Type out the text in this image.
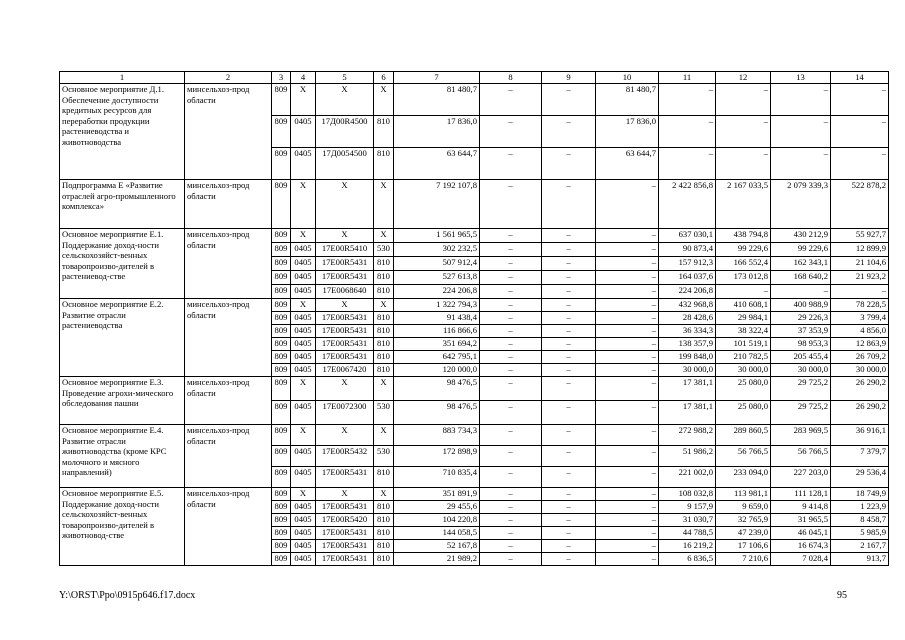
1	2	3	4	5	6	7	8	9	10	11	12	13	14
Основное мероприятие Д.1. Обеспечение доступности кредитных ресурсов для переработки продукции растениеводства и животноводства	минсельхоз-прод области	809	Х	Х	Х	81 480,7	–	–	81 480,7	–	–	–	–
		809	0405	17Д00R4500	810	17 836,0	–	–	17 836,0	–	–	–	–
		809	0405	17Д0054500	810	63 644,7	–	–	63 644,7	–	–	–	–
Подпрограмма Е «Развитие отраслей агро-промышленного комплекса»	минсельхоз-прод области	809	Х	Х	Х	7 192 107,8	–	–	–	2 422 856,8	2 167 033,5	2 079 339,3	522 878,2
Основное мероприятие Е.1. Поддержание доход-ности сельскохозяйст-венных товаропроизво-дителей в растениевод-стве	минсельхоз-прод области	809	Х	Х	Х	1 561 965,5	–	–	–	637 030,1	438 794,8	430 212,9	55 927,7
		809	0405	17Е00R5410	530	302 232,5	–	–	–	90 873,4	99 229,6	99 229,6	12 899,9
		809	0405	17Е00R5431	810	507 912,4	–	–	–	157 912,3	166 552,4	162 343,1	21 104,6
		809	0405	17Е00R5431	810	527 613,8	–	–	–	164 037,6	173 012,8	168 640,2	21 923,2
		809	0405	17Е0068640	810	224 206,8	–	–	–	224 206,8	–	–	–
Основное мероприятие Е.2. Развитие отрасли растениеводства	минсельхоз-прод области	809	Х	Х	Х	1 322 794,3	–	–	–	432 968,8	410 608,1	400 988,9	78 228,5
		809	0405	17Е00R5431	810	91 438,4	–	–	–	28 428,6	29 984,1	29 226,3	3 799,4
		809	0405	17Е00R5431	810	116 866,6	–	–	–	36 334,3	38 322,4	37 353,9	4 856,0
		809	0405	17Е00R5431	810	351 694,2	–	–	–	138 357,9	101 519,1	98 953,3	12 863,9
		809	0405	17Е00R5431	810	642 795,1	–	–	–	199 848,0	210 782,5	205 455,4	26 709,2
		809	0405	17Е0067420	810	120 000,0	–	–	–	30 000,0	30 000,0	30 000,0	30 000,0
Основное мероприятие Е.3. Проведение агрохи-мического обследования пашни	минсельхоз-прод области	809	Х	Х	Х	98 476,5	–	–	–	17 381,1	25 080,0	29 725,2	26 290,2
		809	0405	17Е0072300	530	98 476,5	–	–	–	17 381,1	25 080,0	29 725,2	26 290,2
Основное мероприятие Е.4. Развитие отрасли животноводства (кроме КРС молочного и мясного направлений)	минсельхоз-прод области	809	Х	Х	Х	883 734,3	–	–	–	272 988,2	289 860,5	283 969,5	36 916,1
		809	0405	17Е00R5432	530	172 898,9	–	–	–	51 986,2	56 766,5	56 766,5	7 379,7
		809	0405	17Е00R5431	810	710 835,4	–	–	–	221 002,0	233 094,0	227 203,0	29 536,4
Основное мероприятие Е.5. Поддержание доход-ности сельскохозяйст-венных товаропроизво-дителей в животновод-стве	минсельхоз-прод области	809	Х	Х	Х	351 891,9	–	–	–	108 032,8	113 981,1	111 128,1	18 749,9
		809	0405	17Е00R5431	810	29 455,6	–	–	–	9 157,9	9 659,0	9 414,8	1 223,9
		809	0405	17Е00R5420	810	104 220,8	–	–	–	31 030,7	32 765,9	31 965,5	8 458,7
		809	0405	17Е00R5431	810	144 058,5	–	–	–	44 788,5	47 239,0	46 045,1	5 985,9
		809	0405	17Е00R5431	810	52 167,8	–	–	–	16 219,2	17 106,6	16 674,3	2 167,7
		809	0405	17Е00R5431	810	21 989,2	–	–	–	6 836,5	7 210,6	7 028,4	913,7
Y:\ORST\Ppo\0915p646.f17.docx	95
